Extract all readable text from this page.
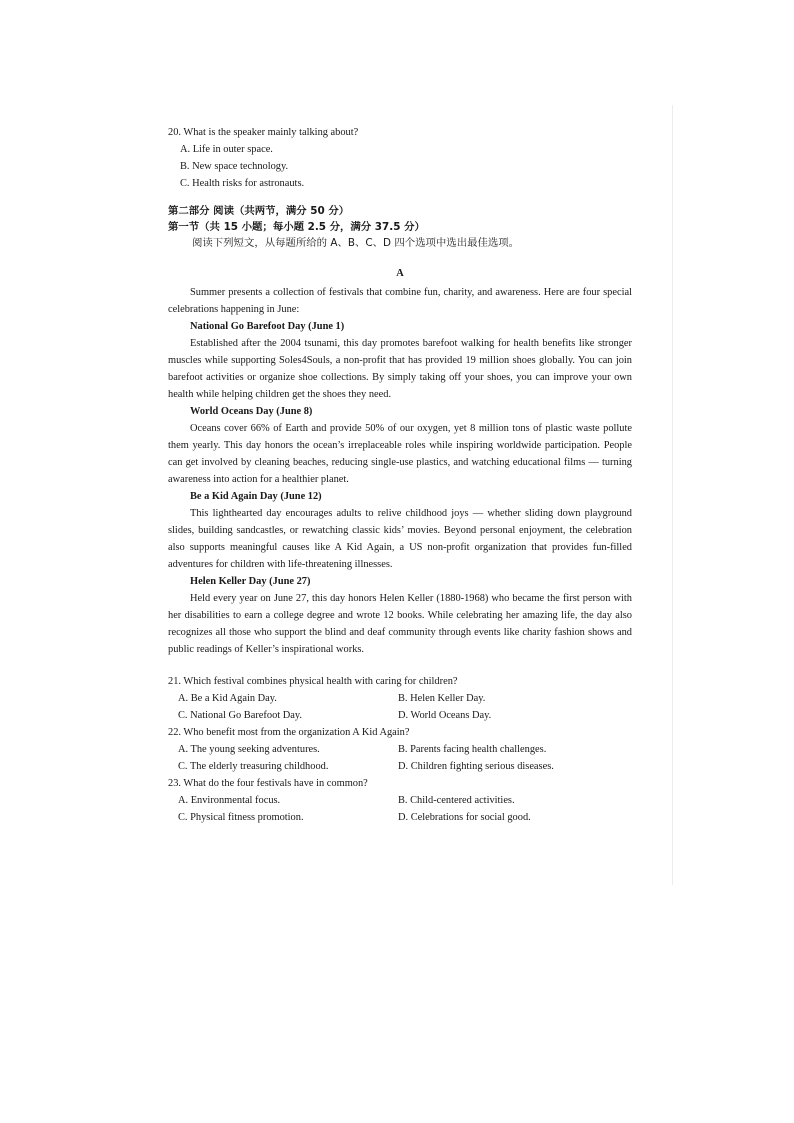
20. What is the speaker mainly talking about?

A. Life in outer space.

B. New space technology.

C. Health risks for astronauts.

第二部分 阅读（共两节，满分 50 分）
第一节（共 15 小题；每小题 2.5 分，满分 37.5 分）
阅读下列短文，从每题所给的 A、B、C、D 四个选项中选出最佳选项。
A

Summer presents a collection of festivals that combine fun, charity, and awareness. Here are four special celebrations happening in June:

National Go Barefoot Day (June 1)

Established after the 2004 tsunami, this day promotes barefoot walking for health benefits like stronger muscles while supporting Soles4Souls, a non-profit that has provided 19 million shoes globally. You can join barefoot activities or organize shoe collections. By simply taking off your shoes, you can improve your own health while helping children get the shoes they need.

World Oceans Day (June 8)

Oceans cover 66% of Earth and provide 50% of our oxygen, yet 8 million tons of plastic waste pollute them yearly. This day honors the ocean’s irreplaceable roles while inspiring worldwide participation. People can get involved by cleaning beaches, reducing single-use plastics, and watching educational films — turning awareness into action for a healthier planet.

Be a Kid Again Day (June 12)

This lighthearted day encourages adults to relive childhood joys — whether sliding down playground slides, building sandcastles, or rewatching classic kids’ movies. Beyond personal enjoyment, the celebration also supports meaningful causes like A Kid Again, a US non-profit organization that provides fun-filled adventures for children with life-threatening illnesses.

Helen Keller Day (June 27)

Held every year on June 27, this day honors Helen Keller (1880-1968) who became the first person with her disabilities to earn a college degree and wrote 12 books. While celebrating her amazing life, the day also recognizes all those who support the blind and deaf community through events like charity fashion shows and public readings of Keller’s inspirational works.

21. Which festival combines physical health with caring for children?

A. Be a Kid Again Day.	B. Helen Keller Day.
C. National Go Barefoot Day.	D. World Oceans Day.

22. Who benefit most from the organization A Kid Again?

A. The young seeking adventures.	B. Parents facing health challenges.
C. The elderly treasuring childhood.	D. Children fighting serious diseases.

23. What do the four festivals have in common?

A. Environmental focus.	B. Child-centered activities.
C. Physical fitness promotion.	D. Celebrations for social good.
